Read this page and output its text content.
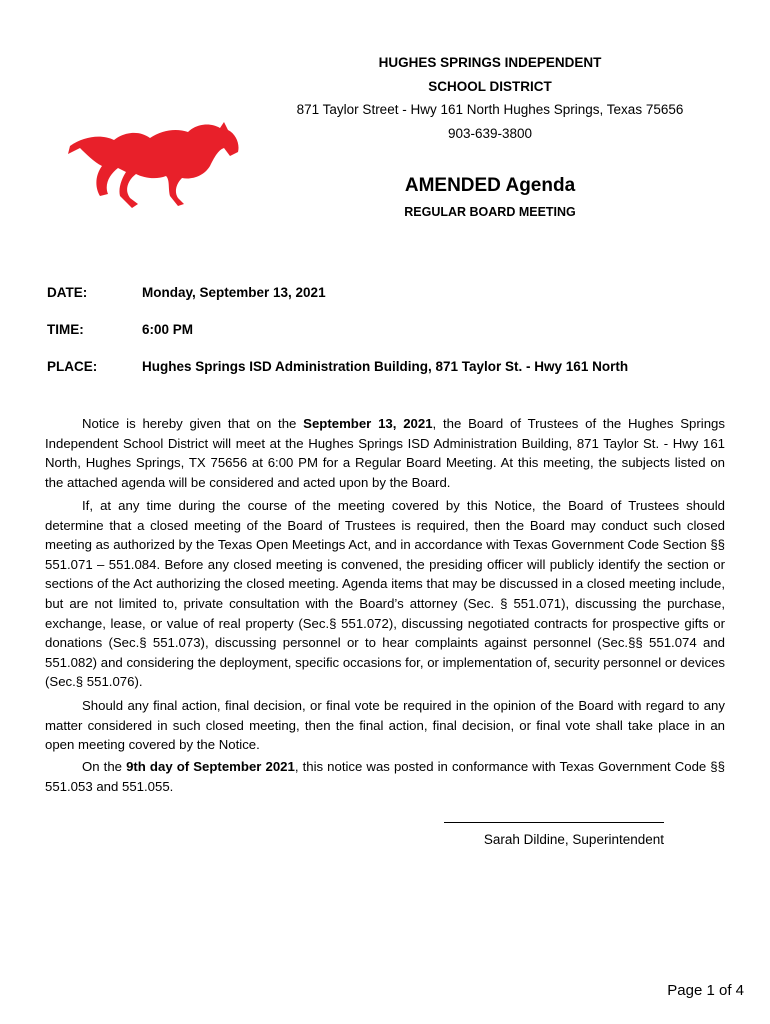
HUGHES SPRINGS INDEPENDENT
SCHOOL DISTRICT
871 Taylor Street - Hwy 161 North Hughes Springs, Texas 75656
903-639-3800
AMENDED Agenda
REGULAR BOARD MEETING
DATE:	Monday, September 13, 2021
TIME:	6:00 PM
PLACE:	Hughes Springs ISD Administration Building, 871 Taylor St. - Hwy 161 North
Notice is hereby given that on the September 13, 2021, the Board of Trustees of the Hughes Springs Independent School District will meet at the Hughes Springs ISD Administration Building, 871 Taylor St. - Hwy 161 North, Hughes Springs, TX 75656 at 6:00 PM for a Regular Board Meeting. At this meeting, the subjects listed on the attached agenda will be considered and acted upon by the Board.
If, at any time during the course of the meeting covered by this Notice, the Board of Trustees should determine that a closed meeting of the Board of Trustees is required, then the Board may conduct such closed meeting as authorized by the Texas Open Meetings Act, and in accordance with Texas Government Code Section §§ 551.071 – 551.084. Before any closed meeting is convened, the presiding officer will publicly identify the section or sections of the Act authorizing the closed meeting. Agenda items that may be discussed in a closed meeting include, but are not limited to, private consultation with the Board’s attorney (Sec. § 551.071), discussing the purchase, exchange, lease, or value of real property (Sec.§ 551.072), discussing negotiated contracts for prospective gifts or donations (Sec.§ 551.073), discussing personnel or to hear complaints against personnel (Sec.§§ 551.074 and 551.082) and considering the deployment, specific occasions for, or implementation of, security personnel or devices (Sec.§ 551.076).
Should any final action, final decision, or final vote be required in the opinion of the Board with regard to any matter considered in such closed meeting, then the final action, final decision, or final vote shall take place in an open meeting covered by the Notice.
On the 9th day of September 2021, this notice was posted in conformance with Texas Government Code §§ 551.053 and 551.055.
Sarah Dildine, Superintendent
Page 1 of 4
